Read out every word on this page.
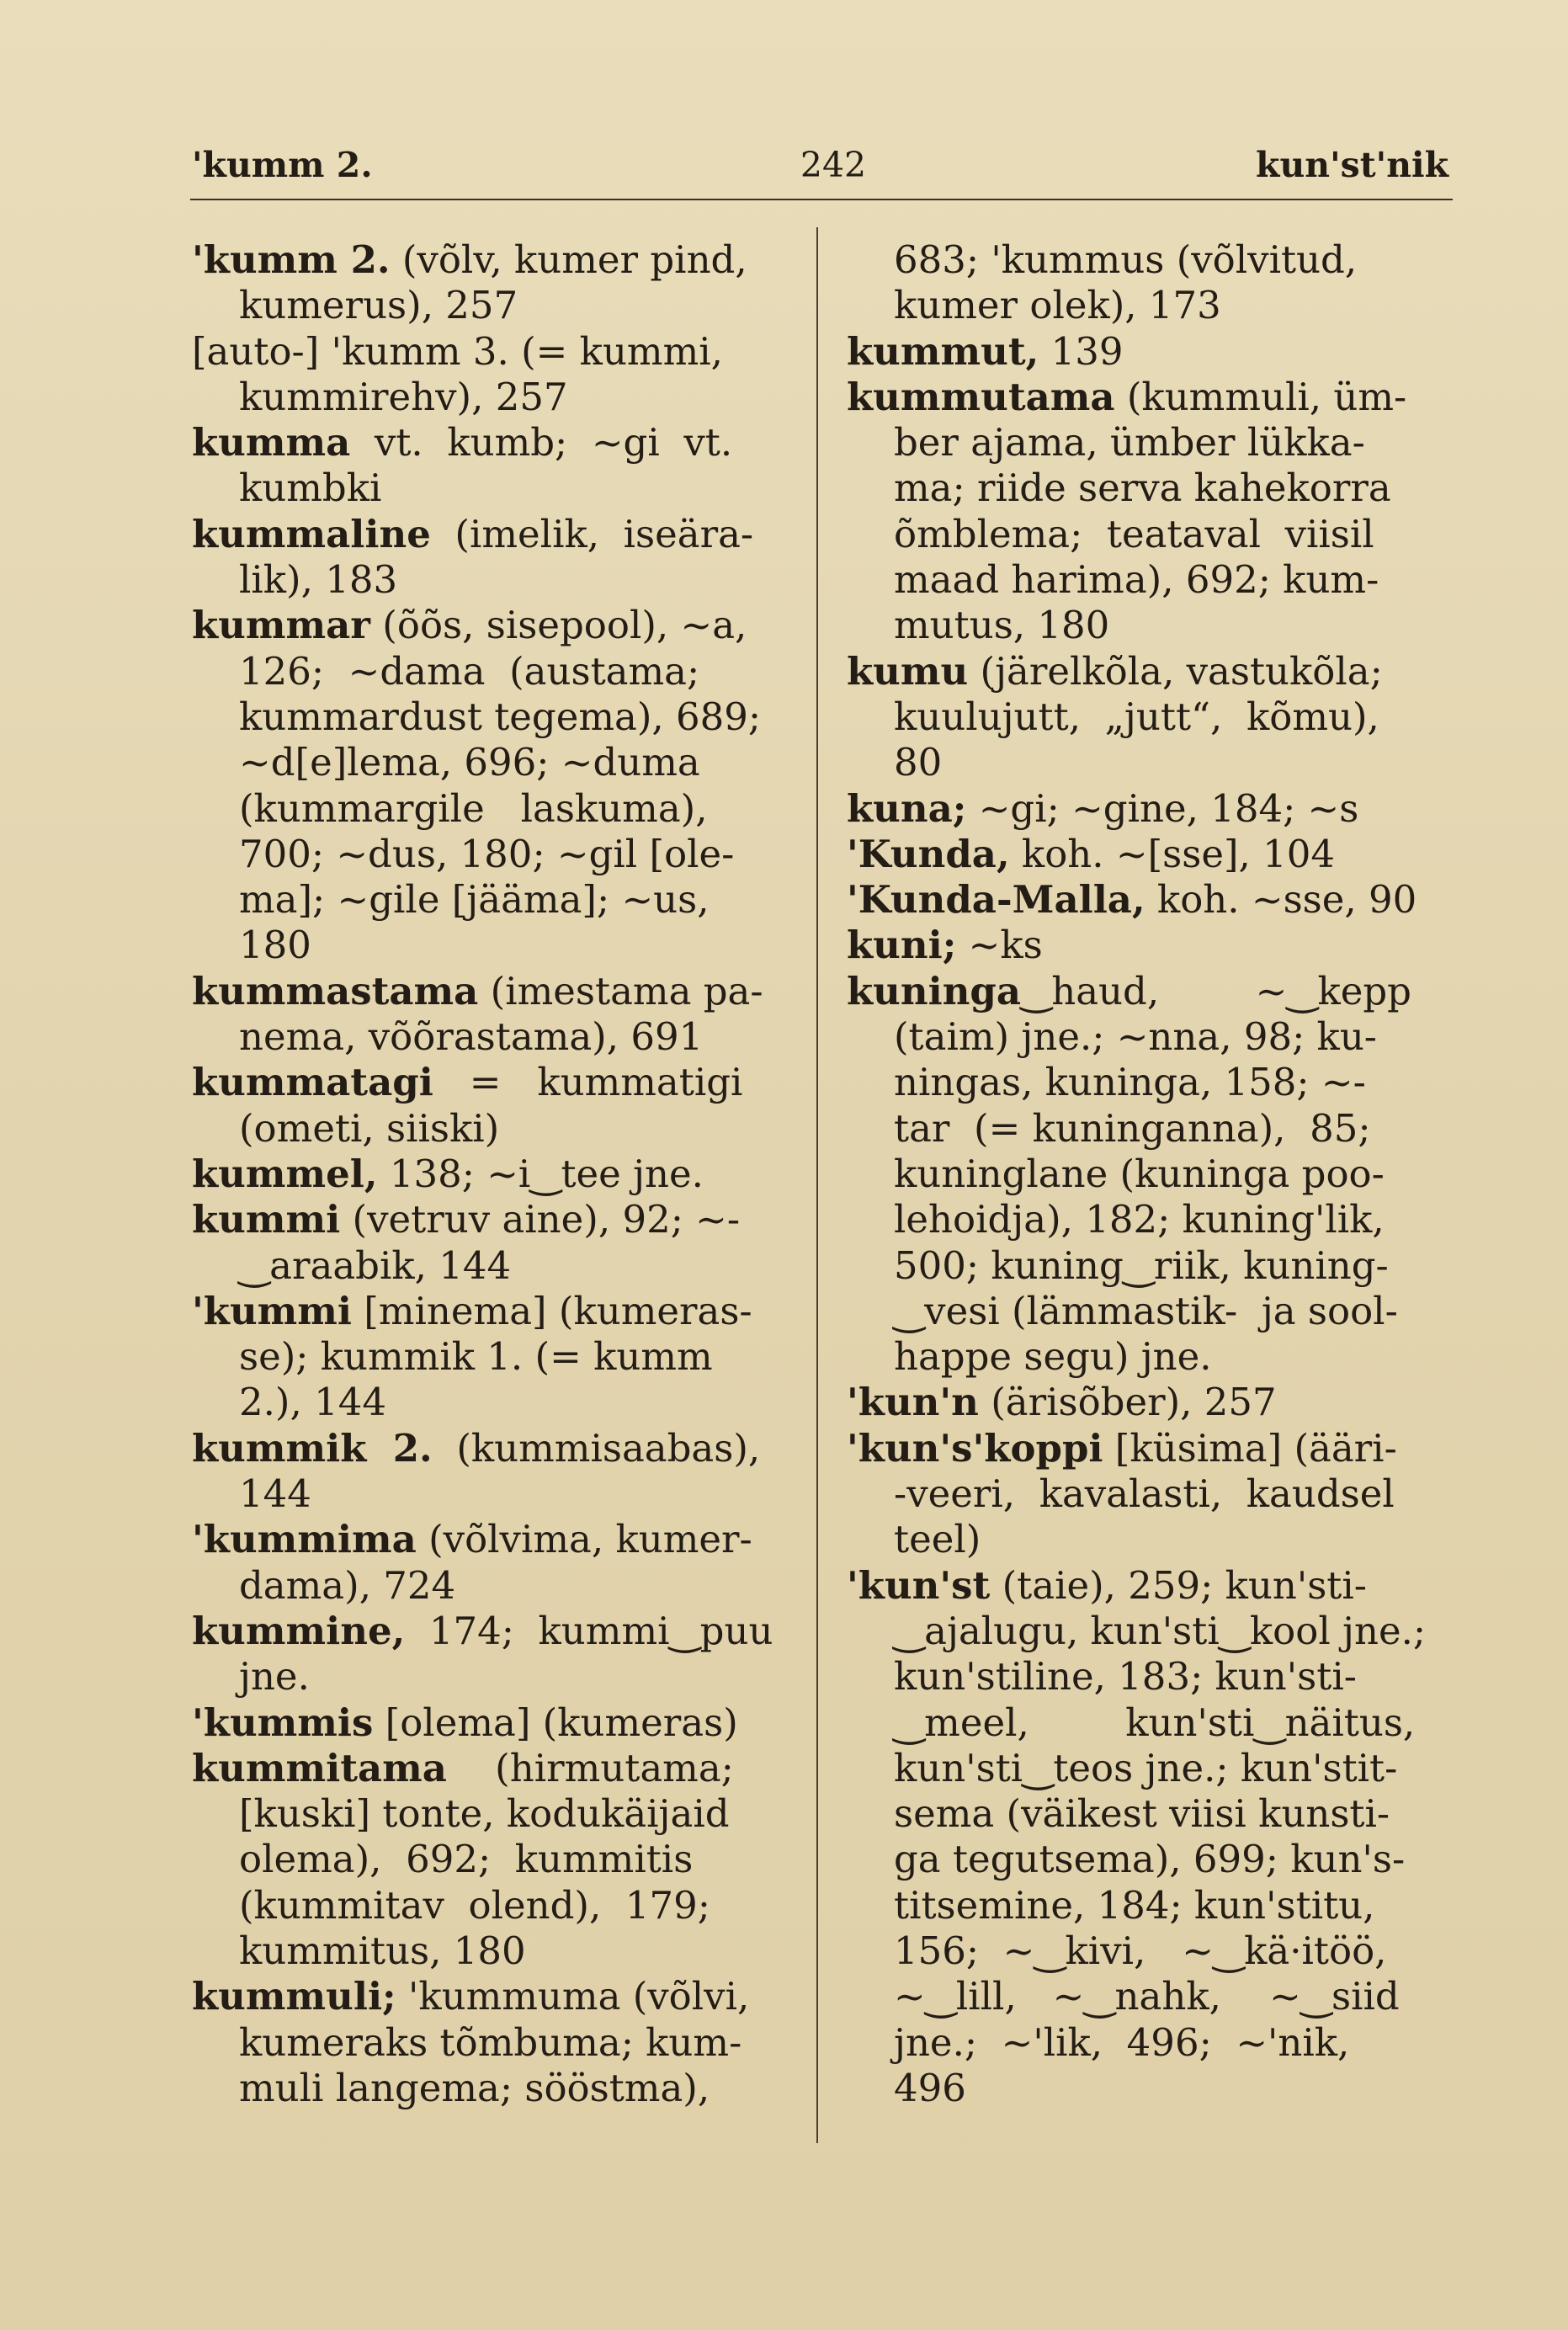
'kumm 2.	242	kun'st'nik
'kumm 2. (võlv, kumer pind,
kumerus), 257
[auto-] 'kumm 3. (= kummi,
kummirehv), 257
kumma  vt.  kumb;  ~gi  vt.
kumbki
kummaline  (imelik,  iseära-
lik), 183
kummar (õõs, sisepool), ~a,
126;  ~dama  (austama;
kummardust tegema), 689;
~d[e]lema, 696; ~duma
(kummargile   laskuma),
700; ~dus, 180; ~gil [ole-
ma]; ~gile [jääma]; ~us,
180
kummastama (imestama pa-
nema, võõrastama), 691
kummatagi   =   kummatigi
(ometi, siiski)
kummel, 138; ~i‿tee jne.
kummi (vetruv aine), 92; ~-
‿araabik, 144
'kummi [minema] (kumeras-
se); kummik 1. (= kumm
2.), 144
kummik  2.  (kummisaabas),
144
'kummima (võlvima, kumer-
dama), 724
kummine,  174;  kummi‿puu
jne.
'kummis [olema] (kumeras)
kummitama    (hirmutama;
[kuski] tonte, kodukäijaid
olema),  692;  kummitis
(kummitav  olend),  179;
kummitus, 180
kummuli; 'kummuma (võlvi,
kumeraks tõmbuma; kum-
muli langema; sööstma),
683; 'kummus (võlvitud,
kumer olek), 173
kummut, 139
kummutama (kummuli, üm-
ber ajama, ümber lükka-
ma; riide serva kahekorra
õmblema;  teataval  viisil
maad harima), 692; kum-
mutus, 180
kumu (järelkõla, vastukõla;
kuulujutt,  „jutt“,  kõmu),
80
kuna; ~gi; ~gine, 184; ~s
'Kunda, koh. ~[sse], 104
'Kunda-Malla, koh. ~sse, 90
kuni; ~ks
kuninga‿haud,        ~‿kepp
(taim) jne.; ~nna, 98; ku-
ningas, kuninga, 158; ~-
tar  (= kuninganna),  85;
kuninglane (kuninga poo-
lehoidja), 182; kuning'lik,
500; kuning‿riik, kuning-
‿vesi (lämmastik-  ja sool-
happe segu) jne.
'kun'n (ärisõber), 257
'kun's'koppi [küsima] (ääri-
-veeri,  kavalasti,  kaudsel
teel)
'kun'st (taie), 259; kun'sti-
‿ajalugu, kun'sti‿kool jne.;
kun'stiline, 183; kun'sti-
‿meel,        kun'sti‿näitus,
kun'sti‿teos jne.; kun'stit-
sema (väikest viisi kunsti-
ga tegutsema), 699; kun's-
titsemine, 184; kun'stitu,
156;  ~‿kivi,   ~‿kä·itöö,
~‿lill,   ~‿nahk,    ~‿siid
jne.;  ~'lik,  496;  ~'nik,
496
